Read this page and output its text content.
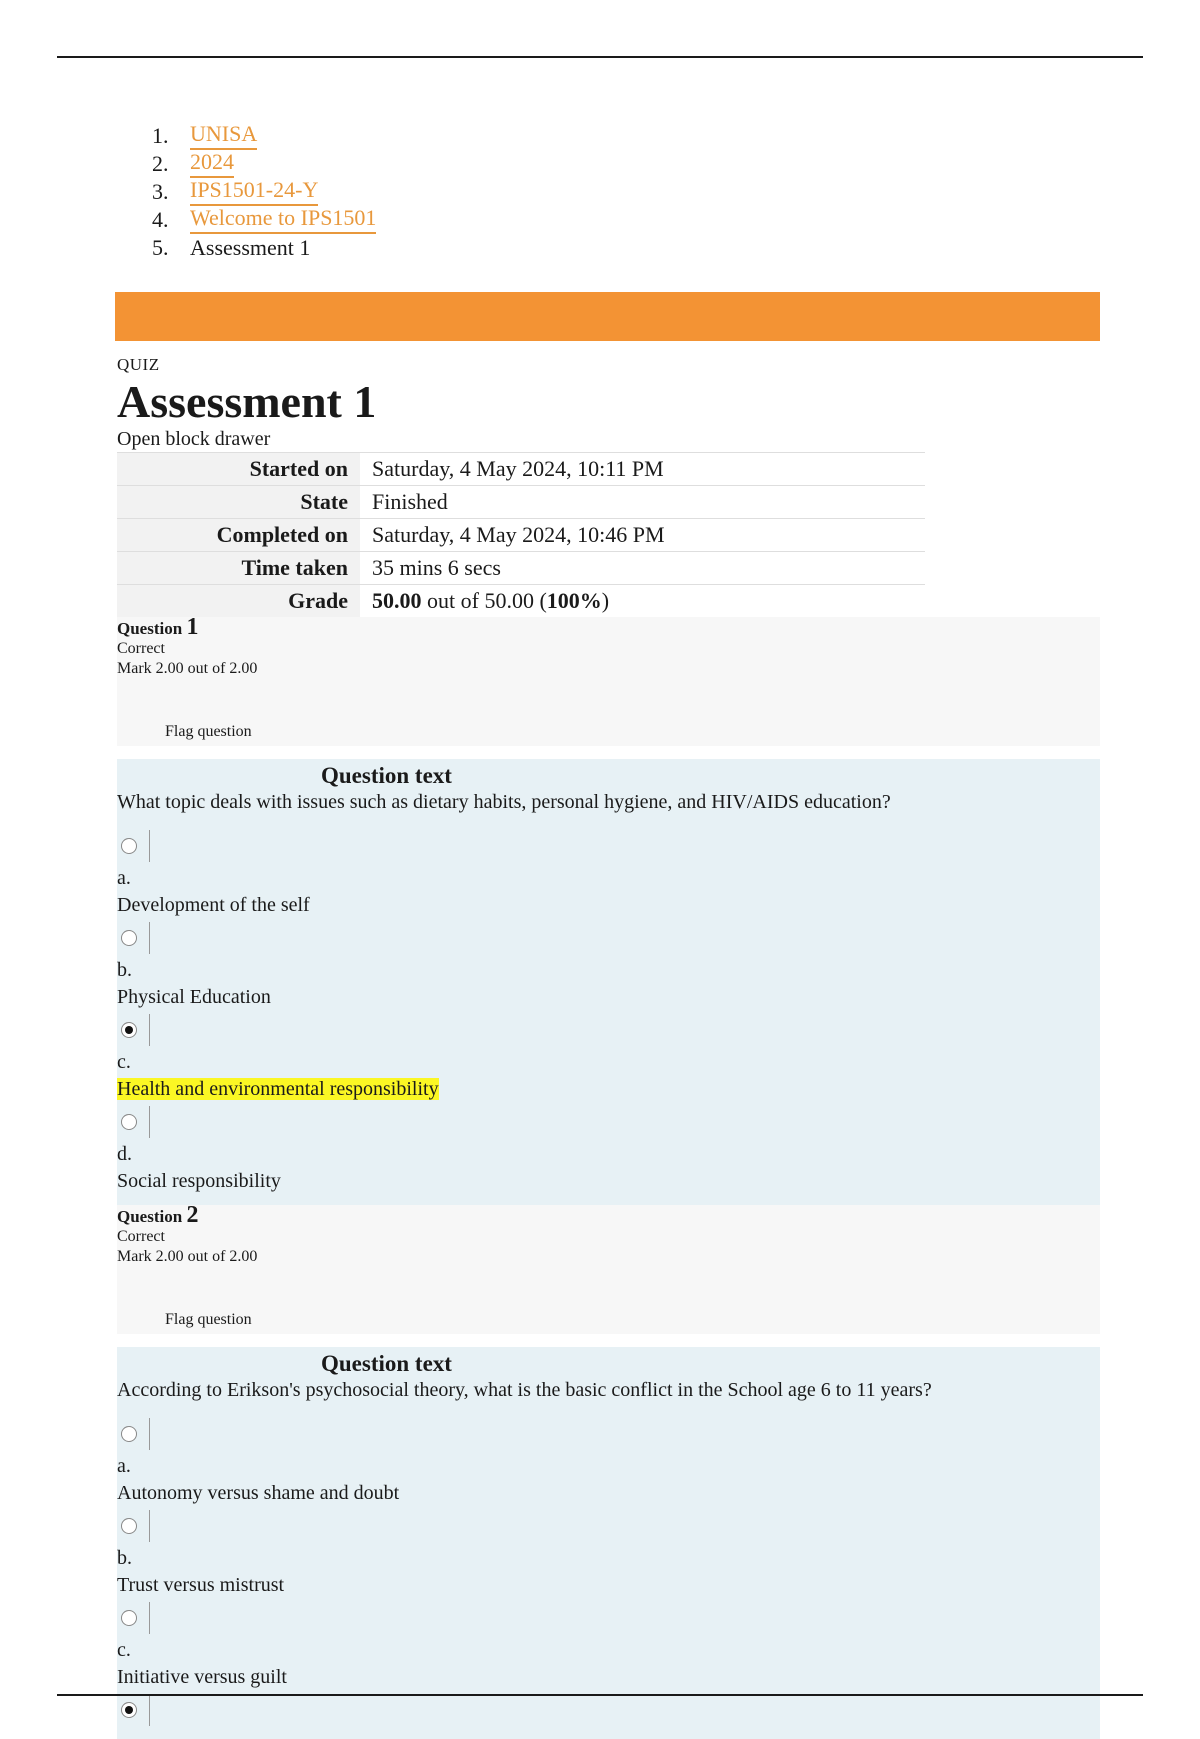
1. UNISA
2. 2024
3. IPS1501-24-Y
4. Welcome to IPS1501
5. Assessment 1
QUIZ
Assessment 1
Open block drawer
Started on	Saturday, 4 May 2024, 10:11 PM
State	Finished
Completed on	Saturday, 4 May 2024, 10:46 PM
Time taken	35 mins 6 secs
Grade	50.00 out of 50.00 (100%)
Question 1
Correct
Mark 2.00 out of 2.00
Flag question
Question text
What topic deals with issues such as dietary habits, personal hygiene, and HIV/AIDS education?
a.
Development of the self
b.
Physical Education
c.
Health and environmental responsibility
d.
Social responsibility
Question 2
Correct
Mark 2.00 out of 2.00
Flag question
Question text
According to Erikson's psychosocial theory, what is the basic conflict in the School age 6 to 11 years?
a.
Autonomy versus shame and doubt
b.
Trust versus mistrust
c.
Initiative versus guilt
